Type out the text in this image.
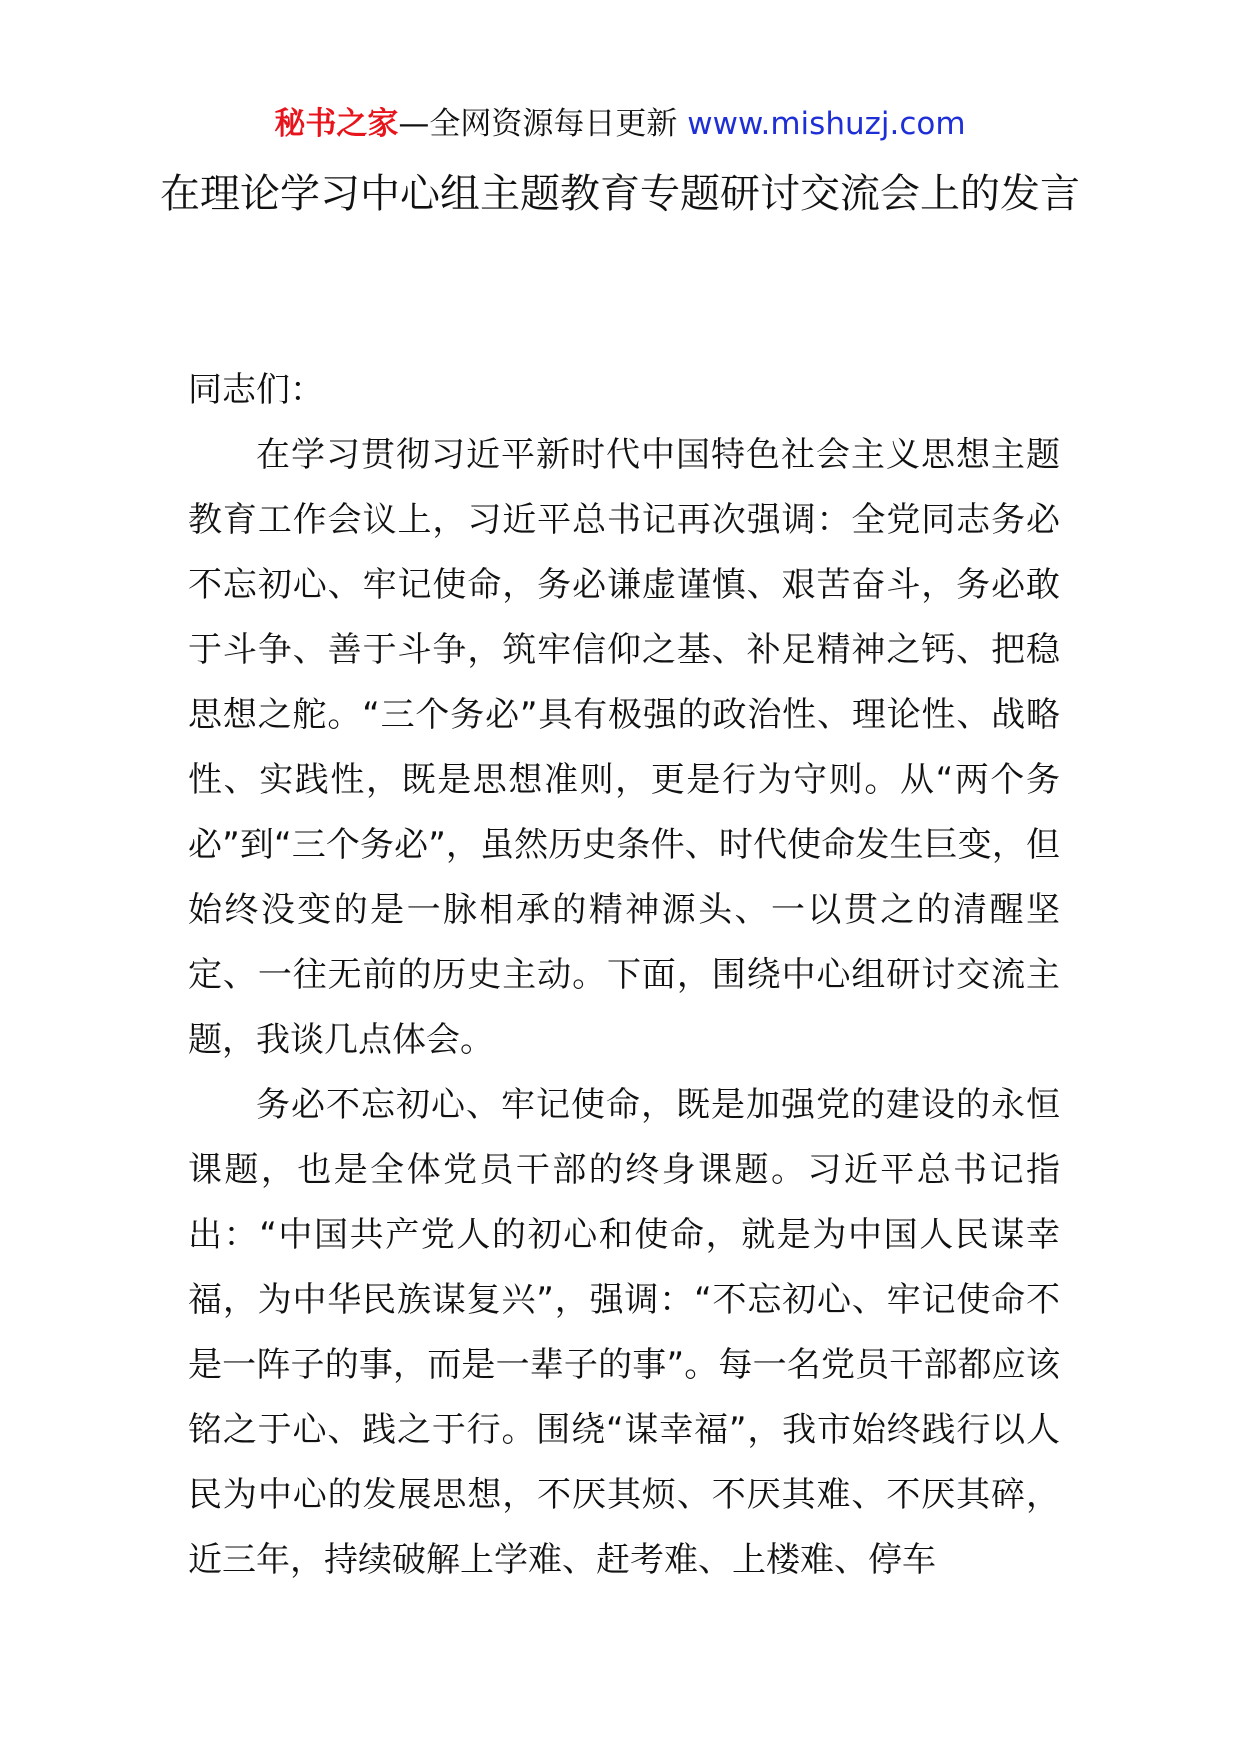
秘书之家—全网资源每日更新 www.mishuzj.com
在理论学习中心组主题教育专题研讨交流会上的发言

同志们：

在学习贯彻习近平新时代中国特色社会主义思想主题教育工作会议上，习近平总书记再次强调：全党同志务必不忘初心、牢记使命，务必谦虚谨慎、艰苦奋斗，务必敢于斗争、善于斗争，筑牢信仰之基、补足精神之钙、把稳思想之舵。“三个务必”具有极强的政治性、理论性、战略性、实践性，既是思想准则，更是行为守则。从“两个务必”到“三个务必”，虽然历史条件、时代使命发生巨变，但始终没变的是一脉相承的精神源头、一以贯之的清醒坚定、一往无前的历史主动。下面，围绕中心组研讨交流主题，我谈几点体会。

务必不忘初心、牢记使命，既是加强党的建设的永恒课题，也是全体党员干部的终身课题。习近平总书记指出：“中国共产党人的初心和使命，就是为中国人民谋幸福，为中华民族谋复兴”，强调：“不忘初心、牢记使命不是一阵子的事，而是一辈子的事”。每一名党员干部都应该铭之于心、践之于行。围绕“谋幸福”，我市始终践行以人民为中心的发展思想，不厌其烦、不厌其难、不厌其碎，近三年，持续破解上学难、赶考难、上楼难、停车
